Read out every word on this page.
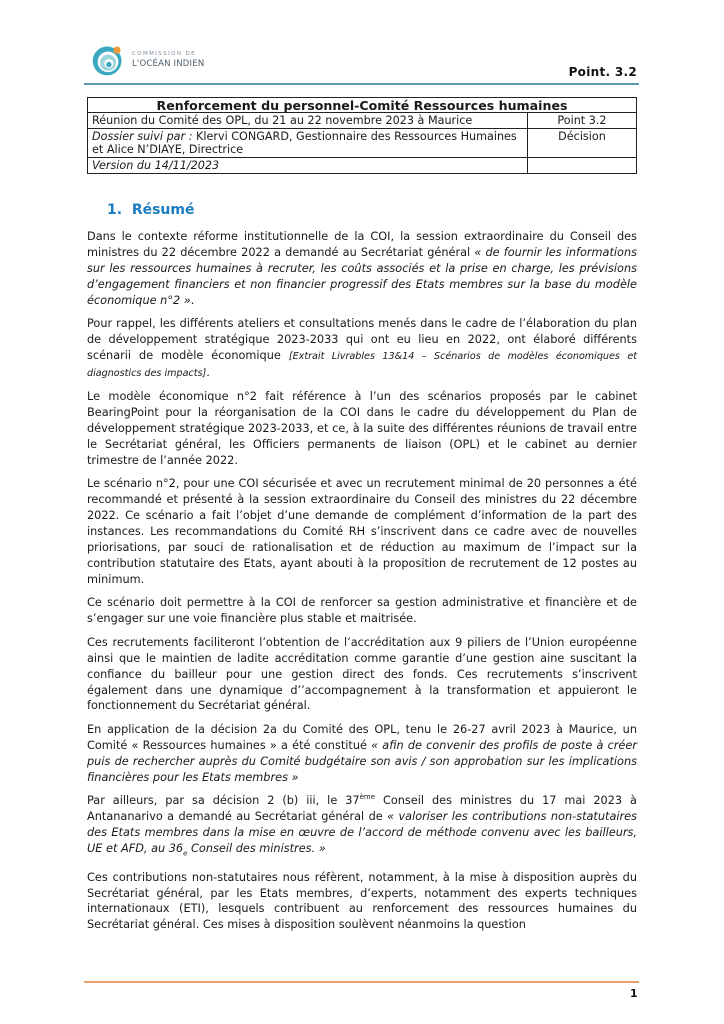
COMMISSION DE
L'OCÉAN INDIEN
Point. 3.2
Renforcement du personnel-Comité Ressources humaines	
Réunion du Comité des OPL, du 21 au 22 novembre 2023 à Maurice	Point 3.2
Dossier suivi par : Klervi CONGARD, Gestionnaire des Ressources Humaines et Alice N’DIAYE, Directrice	Décision
Version du 14/11/2023	
1. Résumé

Dans le contexte réforme institutionnelle de la COI, la session extraordinaire du Conseil des ministres du 22 décembre 2022 a demandé au Secrétariat général « de fournir les informations sur les ressources humaines à recruter, les coûts associés et la prise en charge, les prévisions d’engagement financiers et non financier progressif des Etats membres sur la base du modèle économique n°2 ».

Pour rappel, les différents ateliers et consultations menés dans le cadre de l’élaboration du plan de développement stratégique 2023-2033 qui ont eu lieu en 2022, ont élaboré différents scénarii de modèle économique [Extrait Livrables 13&14 – Scénarios de modèles économiques et diagnostics des impacts].

Le modèle économique n°2 fait référence à l’un des scénarios proposés par le cabinet BearingPoint pour la réorganisation de la COI dans le cadre du développement du Plan de développement stratégique 2023-2033, et ce, à la suite des différentes réunions de travail entre le Secrétariat général, les Officiers permanents de liaison (OPL) et le cabinet au dernier trimestre de l’année 2022.

Le scénario n°2, pour une COI sécurisée et avec un recrutement minimal de 20 personnes a été recommandé et présenté à la session extraordinaire du Conseil des ministres du 22 décembre 2022. Ce scénario a fait l’objet d’une demande de complément d’information de la part des instances. Les recommandations du Comité RH s’inscrivent dans ce cadre avec de nouvelles priorisations, par souci de rationalisation et de réduction au maximum de l’impact sur la contribution statutaire des Etats, ayant abouti à la proposition de recrutement de 12 postes au minimum.

Ce scénario doit permettre à la COI de renforcer sa gestion administrative et financière et de s’engager sur une voie financière plus stable et maitrisée.

Ces recrutements faciliteront l’obtention de l’accréditation aux 9 piliers de l’Union européenne ainsi que le maintien de ladite accréditation comme garantie d’une gestion aine suscitant la confiance du bailleur pour une gestion direct des fonds. Ces recrutements s’inscrivent également dans une dynamique d’’accompagnement à la transformation et appuieront le fonctionnement du Secrétariat général.

En application de la décision 2a du Comité des OPL, tenu le 26-27 avril 2023 à Maurice, un Comité « Ressources humaines » a été constitué « afin de convenir des profils de poste à créer puis de rechercher auprès du Comité budgétaire son avis / son approbation sur les implications financières pour les Etats membres »

Par ailleurs, par sa décision 2 (b) iii, le 37ème Conseil des ministres du 17 mai 2023 à Antananarivo a demandé au Secrétariat général de « valoriser les contributions non-statutaires des Etats membres dans la mise en œuvre de l’accord de méthode convenu avec les bailleurs, UE et AFD, au $36_e$ Conseil des ministres. »

Ces contributions non-statutaires nous réfèrent, notamment, à la mise à disposition auprès du Secrétariat général, par les Etats membres, d’experts, notamment des experts techniques internationaux (ETI), lesquels contribuent au renforcement des ressources humaines du Secrétariat général. Ces mises à disposition soulèvent néanmoins la question

1
